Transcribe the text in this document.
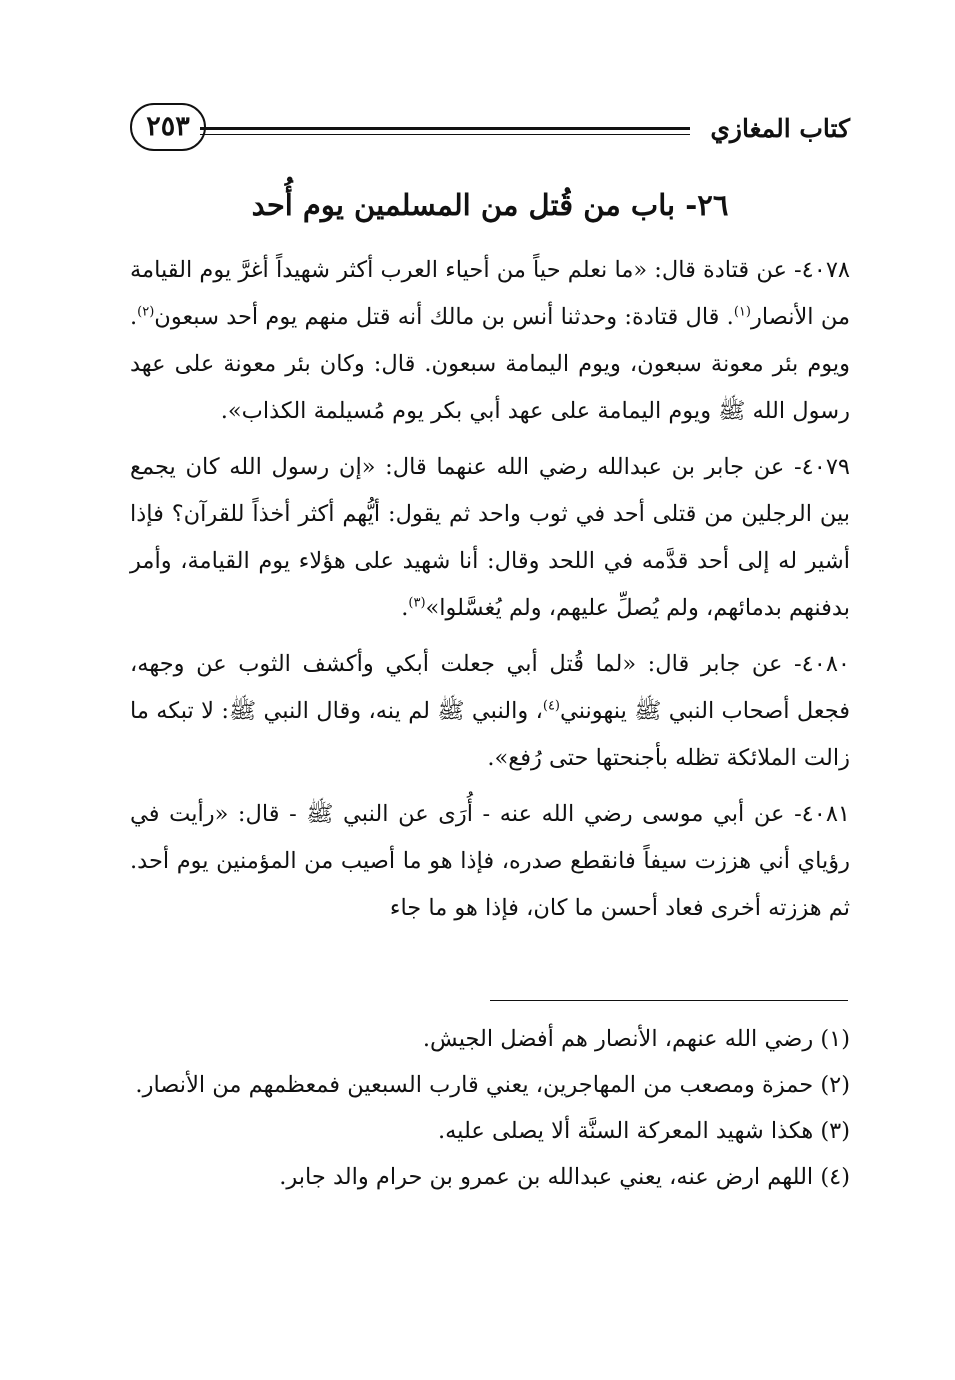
كتاب المغازي
٢٥٣
٢٦- باب من قُتل من المسلمين يوم أُحد

٤٠٧٨- عن قتادة قال: «ما نعلم حياً من أحياء العرب أكثر شهيداً أغرَّ يوم القيامة من الأنصار$^{(١)}$. قال قتادة: وحدثنا أنس بن مالك أنه قتل منهم يوم أحد سبعون$^{(٢)}$. ويوم بئر معونة سبعون، ويوم اليمامة سبعون. قال: وكان بئر معونة على عهد رسول الله ﷺ ويوم اليمامة على عهد أبي بكر يوم مُسيلمة الكذاب».

٤٠٧٩- عن جابر بن عبدالله رضي الله عنهما قال: «إن رسول الله كان يجمع بين الرجلين من قتلى أحد في ثوب واحد ثم يقول: أيُّهم أكثر أخذاً للقرآن؟ فإذا أشير له إلى أحد قدَّمه في اللحد وقال: أنا شهيد على هؤلاء يوم القيامة، وأمر بدفنهم بدمائهم، ولم يُصلِّ عليهم، ولم يُغسَّلوا»$^{(٣)}$.

٤٠٨٠- عن جابر قال: «لما قُتل أبي جعلت أبكي وأكشف الثوب عن وجهه، فجعل أصحاب النبي ﷺ ينهونني$^{(٤)}$، والنبي ﷺ لم ينه، وقال النبي ﷺ: لا تبكه ما زالت الملائكة تظله بأجنحتها حتى رُفع».

٤٠٨١- عن أبي موسى رضي الله عنه - أُرَى عن النبي ﷺ - قال: «رأيت في رؤياي أني هززت سيفاً فانقطع صدره، فإذا هو ما أصيب من المؤمنين يوم أحد. ثم هززته أخرى فعاد أحسن ما كان، فإذا هو ما جاء

(١) رضي الله عنهم، الأنصار هم أفضل الجيش.

(٢) حمزة ومصعب من المهاجرين، يعني قارب السبعين فمعظمهم من الأنصار.

(٣) هكذا شهيد المعركة السنَّة ألا يصلى عليه.

(٤) اللهم ارض عنه، يعني عبدالله بن عمرو بن حرام والد جابر.
